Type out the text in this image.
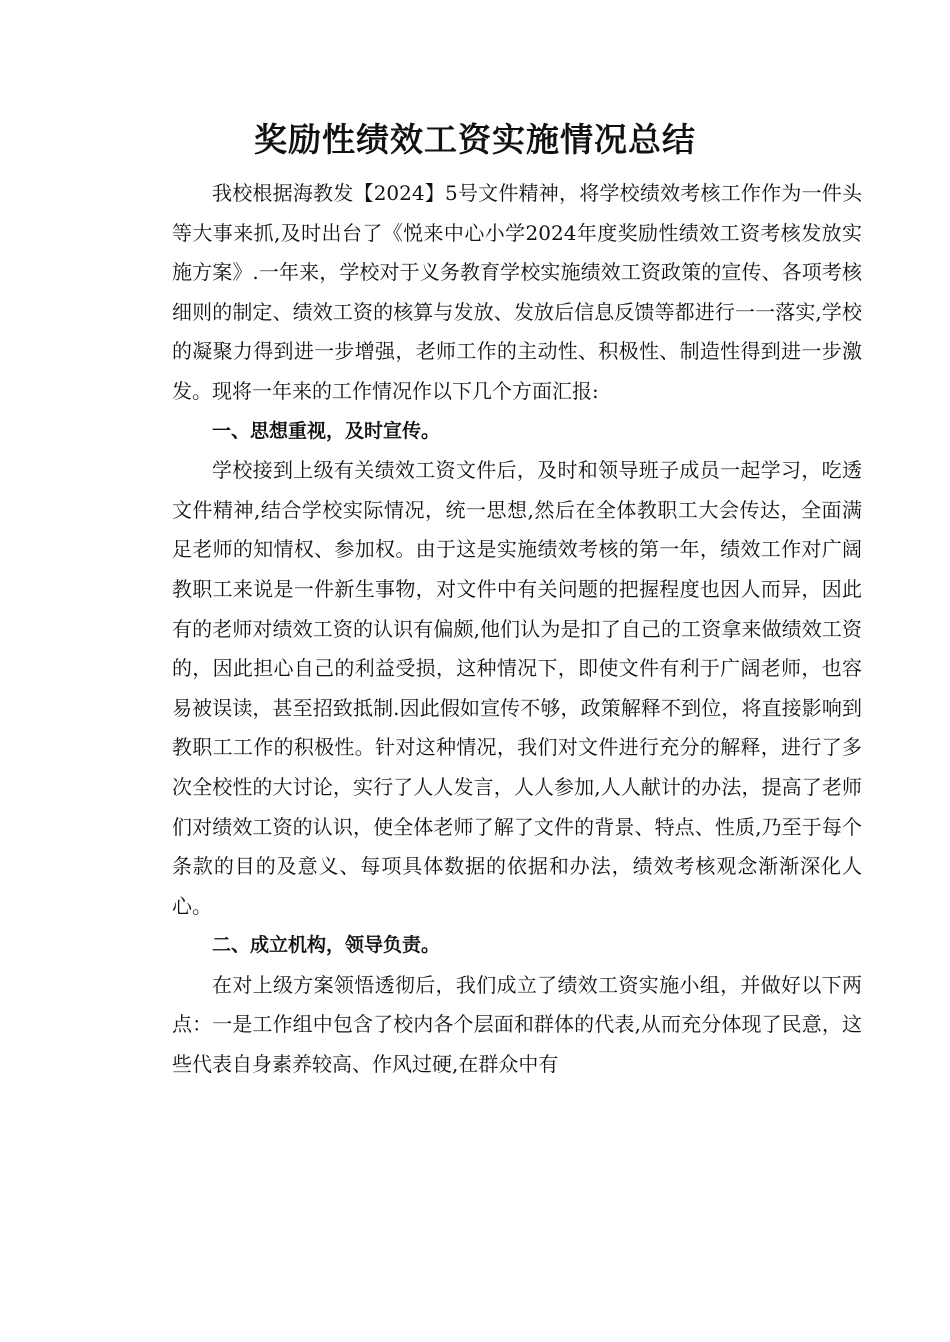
奖励性绩效工资实施情况总结

我校根据海教发【2024】5号文件精神，将学校绩效考核工作作为一件头等大事来抓,及时出台了《悦来中心小学2024年度奖励性绩效工资考核发放实施方案》.一年来，学校对于义务教育学校实施绩效工资政策的宣传、各项考核细则的制定、绩效工资的核算与发放、发放后信息反馈等都进行一一落实,学校的凝聚力得到进一步增强，老师工作的主动性、积极性、制造性得到进一步激发。现将一年来的工作情况作以下几个方面汇报:

一、思想重视，及时宣传。

学校接到上级有关绩效工资文件后，及时和领导班子成员一起学习，吃透文件精神,结合学校实际情况，统一思想,然后在全体教职工大会传达，全面满足老师的知情权、参加权。由于这是实施绩效考核的第一年，绩效工作对广阔教职工来说是一件新生事物，对文件中有关问题的把握程度也因人而异，因此有的老师对绩效工资的认识有偏颇,他们认为是扣了自己的工资拿来做绩效工资的，因此担心自己的利益受损，这种情况下，即使文件有利于广阔老师，也容易被误读，甚至招致抵制.因此假如宣传不够，政策解释不到位，将直接影响到教职工工作的积极性。针对这种情况，我们对文件进行充分的解释，进行了多次全校性的大讨论，实行了人人发言，人人参加,人人献计的办法，提高了老师们对绩效工资的认识，使全体老师了解了文件的背景、特点、性质,乃至于每个条款的目的及意义、每项具体数据的依据和办法，绩效考核观念渐渐深化人心。

二、成立机构，领导负责。

在对上级方案领悟透彻后，我们成立了绩效工资实施小组，并做好以下两点：一是工作组中包含了校内各个层面和群体的代表,从而充分体现了民意，这些代表自身素养较高、作风过硬,在群众中有
